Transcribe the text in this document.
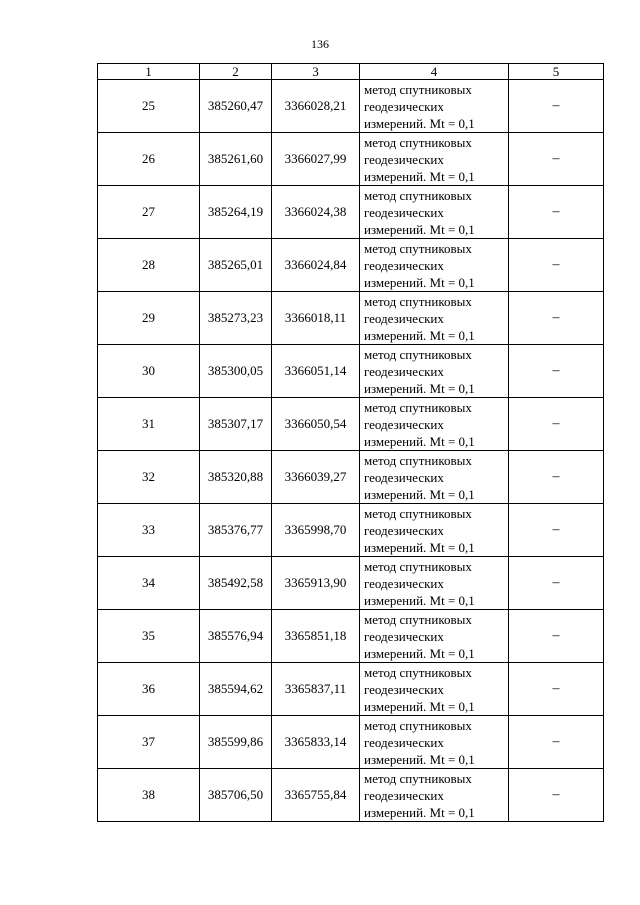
136
1	2	3	4	5
25	385260,47	3366028,21	метод спутниковых
геодезических
измерений. Mt = 0,1	–
26	385261,60	3366027,99	метод спутниковых
геодезических
измерений. Mt = 0,1	–
27	385264,19	3366024,38	метод спутниковых
геодезических
измерений. Mt = 0,1	–
28	385265,01	3366024,84	метод спутниковых
геодезических
измерений. Mt = 0,1	–
29	385273,23	3366018,11	метод спутниковых
геодезических
измерений. Mt = 0,1	–
30	385300,05	3366051,14	метод спутниковых
геодезических
измерений. Mt = 0,1	–
31	385307,17	3366050,54	метод спутниковых
геодезических
измерений. Mt = 0,1	–
32	385320,88	3366039,27	метод спутниковых
геодезических
измерений. Mt = 0,1	–
33	385376,77	3365998,70	метод спутниковых
геодезических
измерений. Mt = 0,1	–
34	385492,58	3365913,90	метод спутниковых
геодезических
измерений. Mt = 0,1	–
35	385576,94	3365851,18	метод спутниковых
геодезических
измерений. Mt = 0,1	–
36	385594,62	3365837,11	метод спутниковых
геодезических
измерений. Mt = 0,1	–
37	385599,86	3365833,14	метод спутниковых
геодезических
измерений. Mt = 0,1	–
38	385706,50	3365755,84	метод спутниковых
геодезических
измерений. Mt = 0,1	–
